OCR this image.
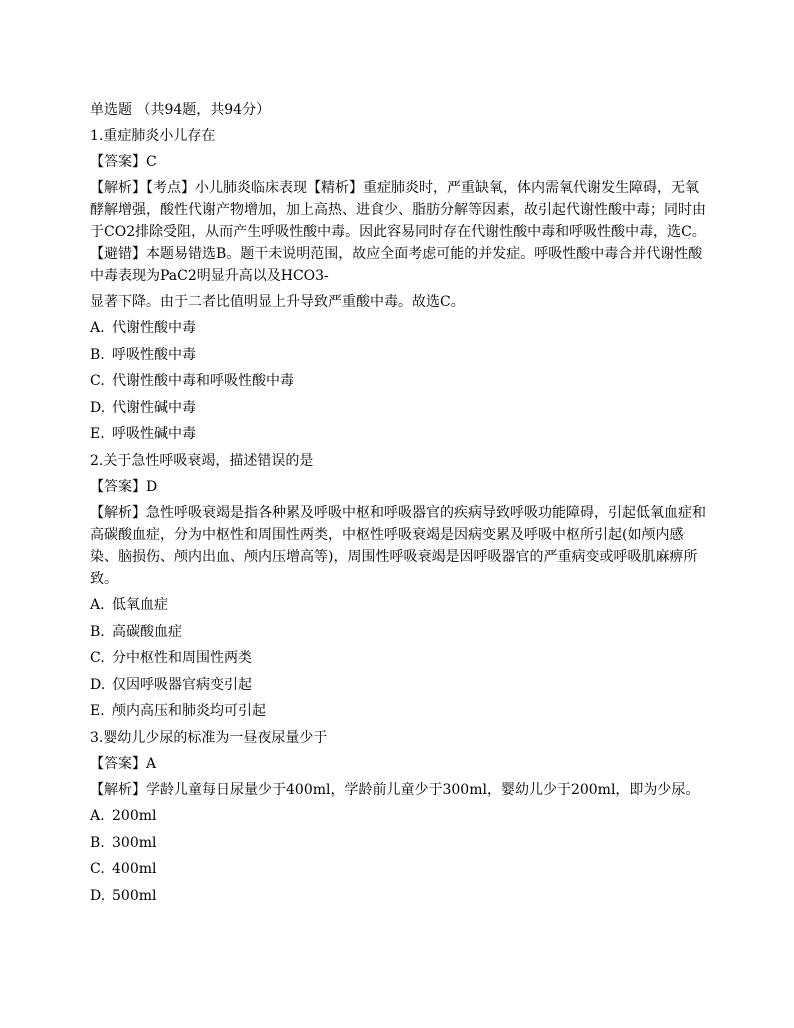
单选题 （共94题，共94分）
1.重症肺炎小儿存在
【答案】C
【解析】【考点】小儿肺炎临床表现【精析】重症肺炎时，严重缺氧，体内需氧代谢发生障碍，无氧酵解增强，酸性代谢产物增加，加上高热、进食少、脂肪分解等因素，故引起代谢性酸中毒；同时由于CO2排除受阻，从而产生呼吸性酸中毒。因此容易同时存在代谢性酸中毒和呼吸性酸中毒，选C。【避错】本题易错选B。题干未说明范围，故应全面考虑可能的并发症。呼吸性酸中毒合并代谢性酸中毒表现为PaC2明显升高以及HCO3-
显著下降。由于二者比值明显上升导致严重酸中毒。故选C。
A. 代谢性酸中毒
B. 呼吸性酸中毒
C. 代谢性酸中毒和呼吸性酸中毒
D. 代谢性碱中毒
E. 呼吸性碱中毒
2.关于急性呼吸衰竭，描述错误的是
【答案】D
【解析】急性呼吸衰竭是指各种累及呼吸中枢和呼吸器官的疾病导致呼吸功能障碍，引起低氧血症和高碳酸血症，分为中枢性和周围性两类，中枢性呼吸衰竭是因病变累及呼吸中枢所引起(如颅内感染、脑损伤、颅内出血、颅内压增高等)，周围性呼吸衰竭是因呼吸器官的严重病变或呼吸肌麻痹所致。
A. 低氧血症
B. 高碳酸血症
C. 分中枢性和周围性两类
D. 仅因呼吸器官病变引起
E. 颅内高压和肺炎均可引起
3.婴幼儿少尿的标准为一昼夜尿量少于
【答案】A
【解析】学龄儿童每日尿量少于400ml，学龄前儿童少于300ml，婴幼儿少于200ml，即为少尿。
A. 200ml
B. 300ml
C. 400ml
D. 500ml
